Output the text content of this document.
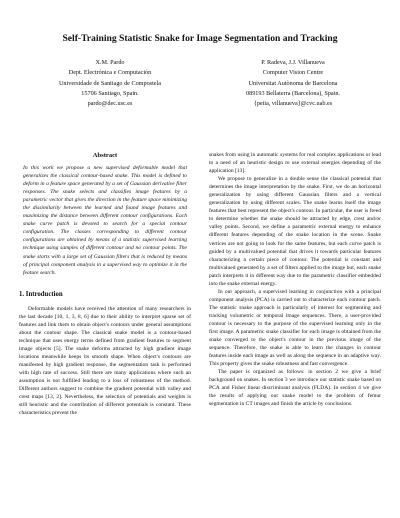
Self-Training Statistic Snake for Image Segmentation and Tracking
X.M. Pardo
Dept. Electrónica e Computación
Universidade de Santiago de Compostela
15706 Santiago, Spain.
pardo@dec.usc.es
P. Radeva, J.J. Villanueva
Computer Vision Centre
Universitat Autònoma de Barcelona
089193 Bellaterra (Barcelona), Spain.
{petia, villanueva}@cvc.uab.es
Abstract

In this work we propose a new supervised deformable model that generalizes the classical contour-based snake. This model is defined to deform in a feature space generated by a set of Gaussian derivative filter responses. The snake selects and classifies image features by a parametric vector that gives the direction in the feature space minimizing the dissimilarity between the learned and found image features and maximizing the distance between different contour configurations. Each snake curve patch is devoted to search for a special contour configuration. The classes corresponding to different contour configurations are obtained by means of a statistic supervised learning technique using samples of different contour and no contour points. The snake starts with a large set of Gaussian filters that is reduced by means of principal component analysis in a supervised way to optimize it in the feature search.

1. Introduction

Deformable models have received the attention of many researchers in the last decade [10, 1, 3, 8, 6] due to their ability to interpret sparse set of features and link them to obtain object's contours under general assumptions about the contour shape. The classical snake model is a contour-based technique that uses energy terms defined from gradient features to segment image objects [5]. The snake deforms attracted by high gradient image locations meanwhile keeps its smooth shape. When object's contours are manifested by high gradient response, the segmentation task is performed with high rate of success. Still there are many applications where such an assumption is not fulfilled leading to a loss of robustness of the method. Different authors suggest to combine the gradient potential with valley and crest maps [13, 2]. Nevertheless, the selection of potentials and weights is still heuristic and the contribution of different potentials is constant. These characteristics prevent the

snakes from using in automatic systems for real complex applications or lead to a need of an heuristic design to use external energies depending of the application [13].

We propose to generalize in a double sense the classical potential that determines the image interpretation by the snake. First, we do an horizontal generalization by using different Gaussian filters and a vertical generalization by using different scales. The snake learns itself the image features that best represent the object's contour. In particular, the user is freed to determine whether the snake should be attracted by edge, crest and/or valley points. Second, we define a parametric external energy to enhance different features depending of the snake location in the scene. Snake vertices are not going to look for the same features, but each curve patch is guided by a multivalued potential that drives it towards particular features characterizing a certain piece of contour. The potential is constant and multivalued generated by a set of filters applied to the image but, each snake patch interprets it in different way due to the parametric classifier embedded into the snake external energy.

In our approach, a supervised learning in conjunction with a principal component analysis (PCA) is carried out to characterize each contour patch. The statistic snake approach is particularly of interest for segmenting and tracking volumetric or temporal image sequences. There, a user-provided contour is necessary to the purpose of the supervised learning only in the first image. A parametric snake classifier for each image is obtained from the snake converged to the object's contour in the previous image of the sequence. Therefore, the snake is able to learn the changes in contour features inside each image as well as along the sequence in an adaptive way. This property gives the snake robustness and fast convergence.

The paper is organized as follows: in section 2 we give a brief background on snakes. In section 3 we introduce our statistic snake based on PCA and Fisher linear discriminant analysis (FLDA). In section 4 we give the results of applying our snake model to the problem of femur segmentation in CT images and finish the article by conclusions.
